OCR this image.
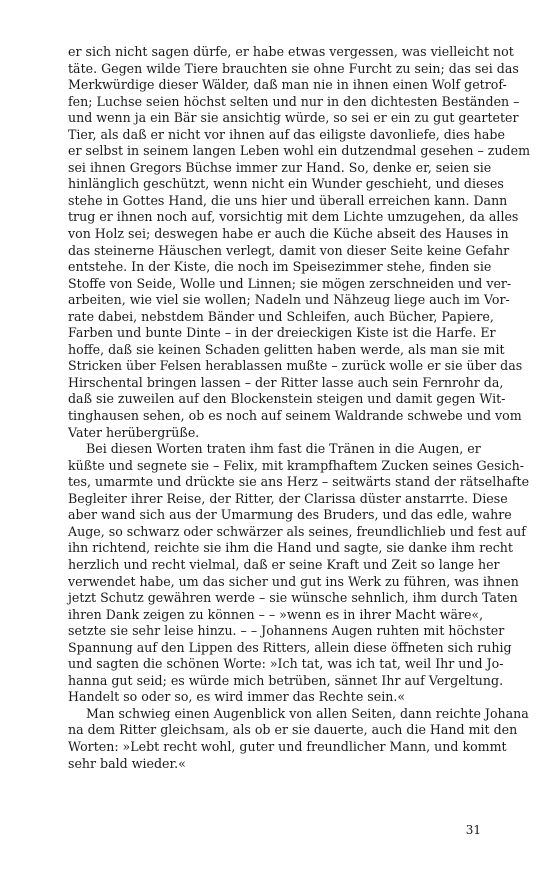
er sich nicht sagen dürfe, er habe etwas vergessen, was vielleicht not
täte. Gegen wilde Tiere brauchten sie ohne Furcht zu sein; das sei das
Merkwürdige dieser Wälder, daß man nie in ihnen einen Wolf getrof-
fen; Luchse seien höchst selten und nur in den dichtesten Beständen –
und wenn ja ein Bär sie ansichtig würde, so sei er ein zu gut gearteter
Tier, als daß er nicht vor ihnen auf das eiligste davonliefe, dies habe
er selbst in seinem langen Leben wohl ein dutzendmal gesehen – zudem
sei ihnen Gregors Büchse immer zur Hand. So, denke er, seien sie
hinlänglich geschützt, wenn nicht ein Wunder geschieht, und dieses
stehe in Gottes Hand, die uns hier und überall erreichen kann. Dann
trug er ihnen noch auf, vorsichtig mit dem Lichte umzugehen, da alles
von Holz sei; deswegen habe er auch die Küche abseit des Hauses in
das steinerne Häuschen verlegt, damit von dieser Seite keine Gefahr
entstehe. In der Kiste, die noch im Speisezimmer stehe, finden sie
Stoffe von Seide, Wolle und Linnen; sie mögen zerschneiden und ver-
arbeiten, wie viel sie wollen; Nadeln und Nähzeug liege auch im Vor-
rate dabei, nebstdem Bänder und Schleifen, auch Bücher, Papiere,
Farben und bunte Dinte – in der dreieckigen Kiste ist die Harfe. Er
hoffe, daß sie keinen Schaden gelitten haben werde, als man sie mit
Stricken über Felsen herablassen mußte – zurück wolle er sie über das
Hirschental bringen lassen – der Ritter lasse auch sein Fernrohr da,
daß sie zuweilen auf den Blockenstein steigen und damit gegen Wit-
tinghausen sehen, ob es noch auf seinem Waldrande schwebe und vom
Vater herübergrüße.
Bei diesen Worten traten ihm fast die Tränen in die Augen, er
küßte und segnete sie – Felix, mit krampfhaftem Zucken seines Gesich-
tes, umarmte und drückte sie ans Herz – seitwärts stand der rätselhafte
Begleiter ihrer Reise, der Ritter, der Clarissa düster anstarrte. Diese
aber wand sich aus der Umarmung des Bruders, und das edle, wahre
Auge, so schwarz oder schwärzer als seines, freundlichlieb und fest auf
ihn richtend, reichte sie ihm die Hand und sagte, sie danke ihm recht
herzlich und recht vielmal, daß er seine Kraft und Zeit so lange her
verwendet habe, um das sicher und gut ins Werk zu führen, was ihnen
jetzt Schutz gewähren werde – sie wünsche sehnlich, ihm durch Taten
ihren Dank zeigen zu können – – »wenn es in ihrer Macht wäre«,
setzte sie sehr leise hinzu. – – Johannens Augen ruhten mit höchster
Spannung auf den Lippen des Ritters, allein diese öffneten sich ruhig
und sagten die schönen Worte: »Ich tat, was ich tat, weil Ihr und Jo-
hanna gut seid; es würde mich betrüben, sännet Ihr auf Vergeltung.
Handelt so oder so, es wird immer das Rechte sein.«
Man schwieg einen Augenblick von allen Seiten, dann reichte Johana
na dem Ritter gleichsam, als ob er sie dauerte, auch die Hand mit den
Worten: »Lebt recht wohl, guter und freundlicher Mann, und kommt
sehr bald wieder.«
31
